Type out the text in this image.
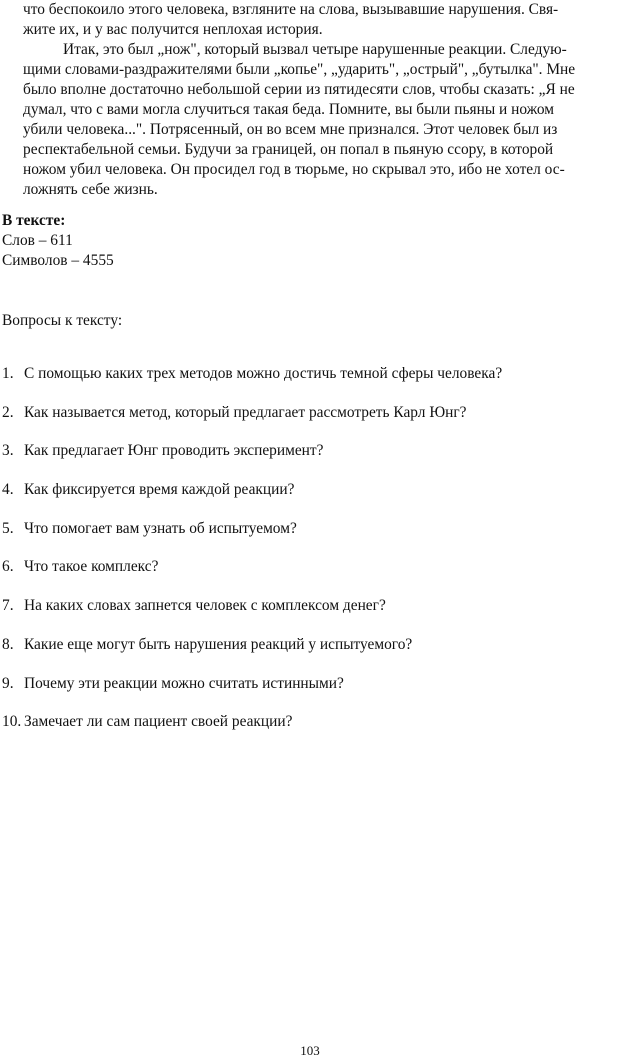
что беспокоило этого человека, взгляните на слова, вызывавшие нарушения. Свя-
жите их, и у вас получится неплохая история.
Итак, это был „нож", который вызвал четыре нарушенные реакции. Следую-
щими словами-раздражителями были „копье", „ударить", „острый", „бутылка". Мне
было вполне достаточно небольшой серии из пятидесяти слов, чтобы сказать: „Я не
думал, что с вами могла случиться такая беда. Помните, вы были пьяны и ножом
убили человека...". Потрясенный, он во всем мне признался. Этот человек был из
респектабельной семьи. Будучи за границей, он попал в пьяную ссору, в которой
ножом убил человека. Он просидел год в тюрьме, но скрывал это, ибо не хотел ос-
ложнять себе жизнь.
В тексте:
Слов – 611
Символов – 4555
Вопросы к тексту:
1. С помощью каких трех методов можно достичь темной сферы человека?
2. Как называется метод, который предлагает рассмотреть Карл Юнг?
3. Как предлагает Юнг проводить эксперимент?
4. Как фиксируется время каждой реакции?
5. Что помогает вам узнать об испытуемом?
6. Что такое комплекс?
7. На каких словах запнется человек с комплексом денег?
8. Какие еще могут быть нарушения реакций у испытуемого?
9. Почему эти реакции можно считать истинными?
10. Замечает ли сам пациент своей реакции?
103
